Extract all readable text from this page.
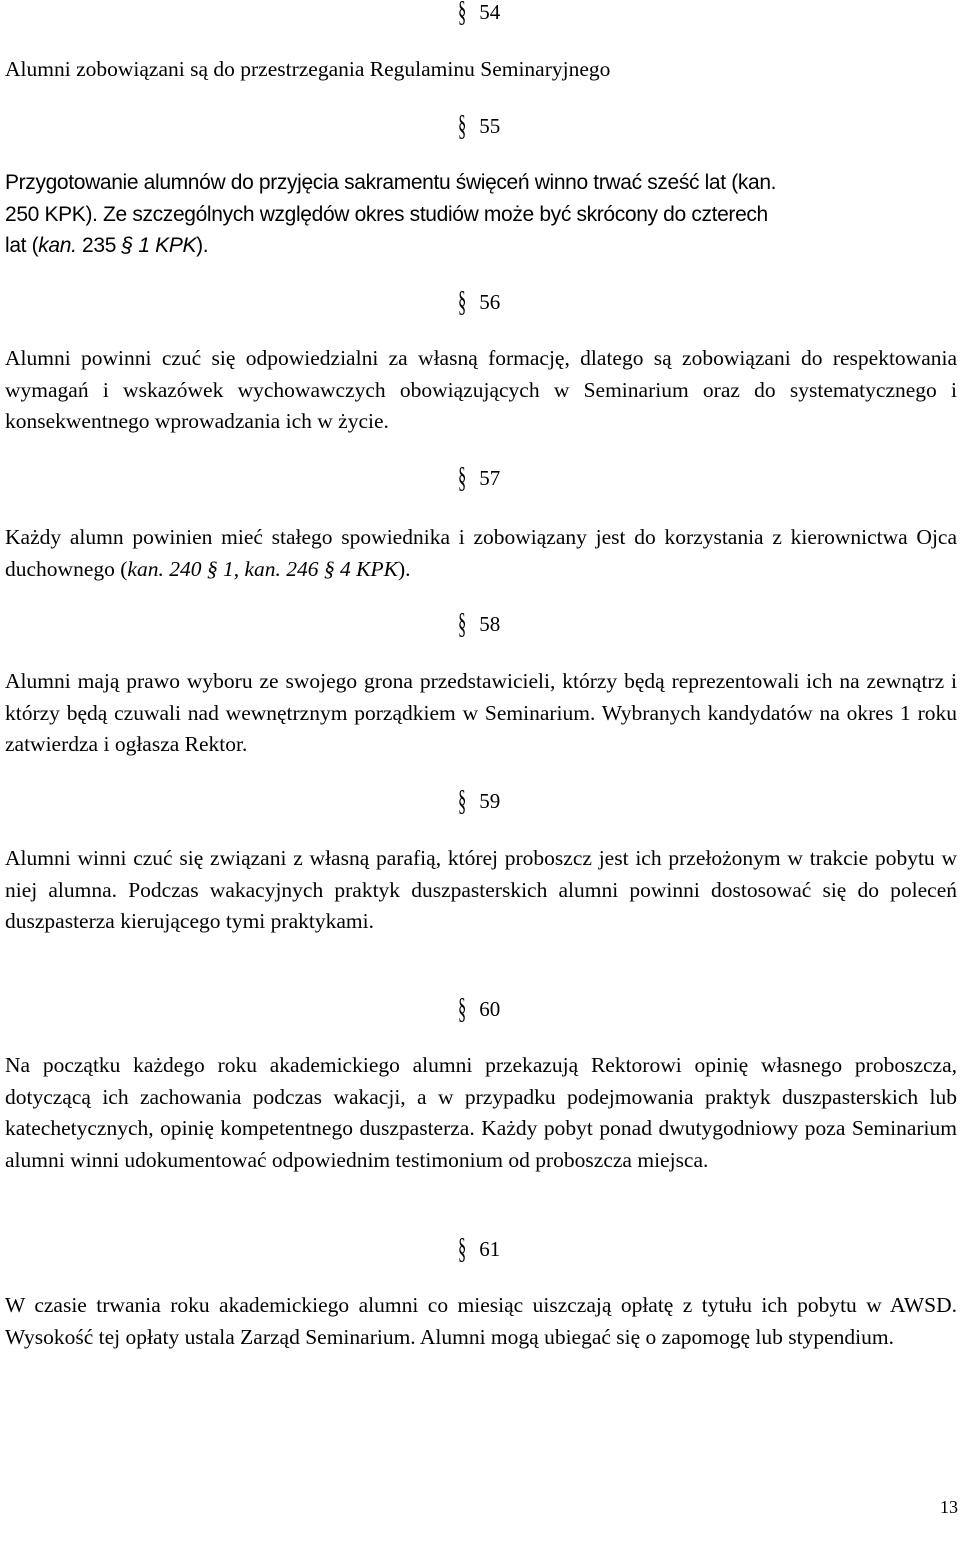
§ 54

Alumni zobowiązani są do przestrzegania Regulaminu Seminaryjnego

§ 55
Przygotowanie alumnów do przyjęcia sakramentu święceń winno trwać sześć lat (kan.
250 KPK). Ze szczególnych względów okres studiów może być skrócony do czterech
lat (kan. 235 § 1 KPK).
§ 56

Alumni powinni czuć się odpowiedzialni za własną formację, dlatego są zobowiązani do respektowania wymagań i wskazówek wychowawczych obowiązujących w Seminarium oraz do systematycznego i konsekwentnego wprowadzania ich w życie.

§ 57

Każdy alumn powinien mieć stałego spowiednika i zobowiązany jest do korzystania z kierownictwa Ojca duchownego (kan. 240 § 1, kan. 246 § 4 KPK).

§ 58

Alumni mają prawo wyboru ze swojego grona przedstawicieli, którzy będą reprezentowali ich na zewnątrz i którzy będą czuwali nad wewnętrznym porządkiem w Seminarium. Wybranych kandydatów na okres 1 roku zatwierdza i ogłasza Rektor.

§ 59

Alumni winni czuć się związani z własną parafią, której proboszcz jest ich przełożonym w trakcie pobytu w niej alumna. Podczas wakacyjnych praktyk duszpasterskich alumni powinni dostosować się do poleceń duszpasterza kierującego tymi praktykami.

§ 60

Na początku każdego roku akademickiego alumni przekazują Rektorowi opinię własnego proboszcza, dotyczącą ich zachowania podczas wakacji, a w przypadku podejmowania praktyk duszpasterskich lub katechetycznych, opinię kompetentnego duszpasterza. Każdy pobyt ponad dwutygodniowy poza Seminarium alumni winni udokumentować odpowiednim testimonium od proboszcza miejsca.

§ 61

W czasie trwania roku akademickiego alumni co miesiąc uiszczają opłatę z tytułu ich pobytu w AWSD. Wysokość tej opłaty ustala Zarząd Seminarium. Alumni mogą ubiegać się o zapomogę lub stypendium.

13
